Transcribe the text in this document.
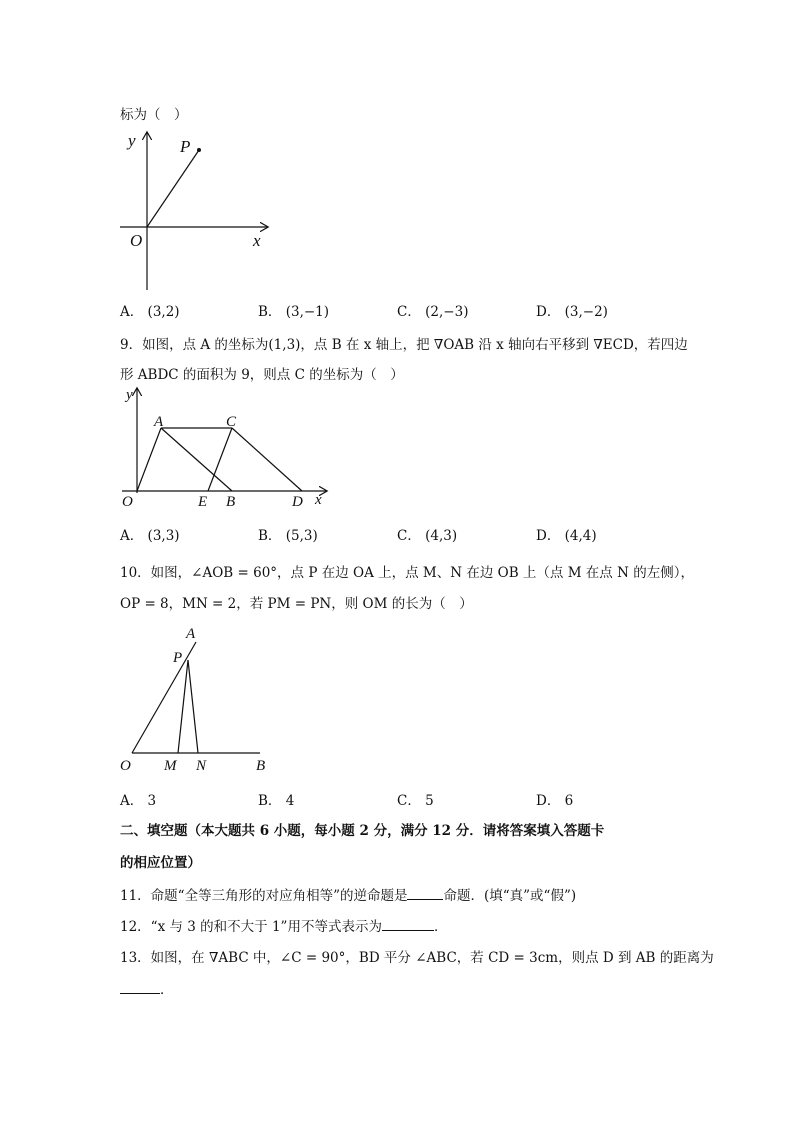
标为（　）
y	P
O	x
A． (3,2)	B． (3,−1)	C． (2,−3)	D． (3,−2)
9．如图，点 A 的坐标为(1,3)，点 B 在 x 轴上，把 ∇OAB 沿 x 轴向右平移到 ∇ECD，若四边
形 ABDC 的面积为 9，则点 C 的坐标为（　）
y
A	C
O	E B	D x
A． (3,3)	B． (5,3)	C． (4,3)	D． (4,4)
10．如图，∠AOB = 60°，点 P 在边 OA 上，点 M、N 在边 OB 上（点 M 在点 N 的左侧），
OP = 8，MN = 2，若 PM = PN，则 OM 的长为（　）
A
P
O M N	B
A． 3	B． 4	C． 5	D． 6
二、填空题（本大题共 6 小题，每小题 2 分，满分 12 分．请将答案填入答题卡
的相应位置）
11．命题“全等三角形的对应角相等”的逆命题是	命题．(填“真”或“假”)
12．“x 与 3 的和不大于 1”用不等式表示为	．
13．如图，在 ∇ABC 中，∠C = 90°，BD 平分 ∠ABC，若 CD = 3cm，则点 D 到 AB 的距离为
．
